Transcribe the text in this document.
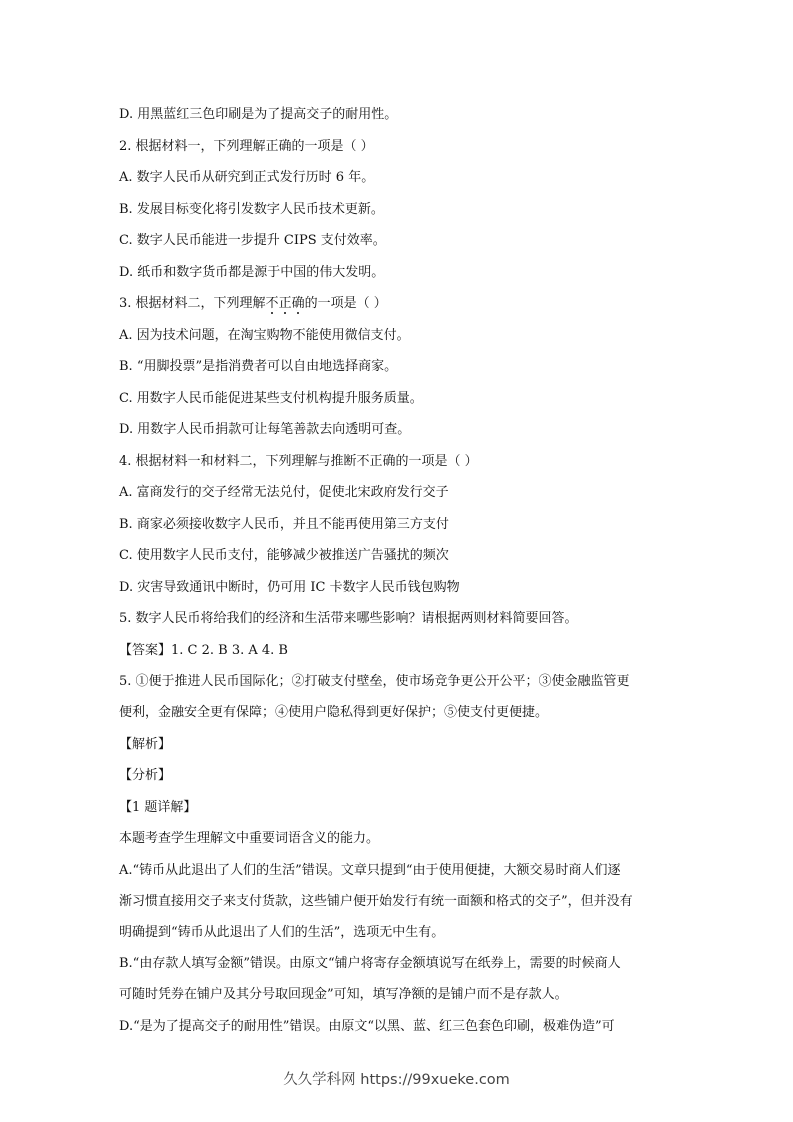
D. 用黑蓝红三色印刷是为了提高交子的耐用性。
2. 根据材料一，下列理解正确的一项是（ ）
A. 数字人民币从研究到正式发行历时 6 年。
B. 发展目标变化将引发数字人民币技术更新。
C. 数字人民币能进一步提升 CIPS 支付效率。
D. 纸币和数字货币都是源于中国的伟大发明。
3. 根据材料二，下列理解不正确的一项是（ ）
A. 因为技术问题，在淘宝购物不能使用微信支付。
B. “用脚投票”是指消费者可以自由地选择商家。
C. 用数字人民币能促进某些支付机构提升服务质量。
D. 用数字人民币捐款可让每笔善款去向透明可查。
4. 根据材料一和材料二，下列理解与推断不正确的一项是（ ）
A. 富商发行的交子经常无法兑付，促使北宋政府发行交子
B. 商家必须接收数字人民币，并且不能再使用第三方支付
C. 使用数字人民币支付，能够减少被推送广告骚扰的频次
D. 灾害导致通讯中断时，仍可用 IC 卡数字人民币钱包购物
5. 数字人民币将给我们的经济和生活带来哪些影响？请根据两则材料简要回答。
【答案】1. C 2. B 3. A 4. B
5. ①便于推进人民币国际化；②打破支付壁垒，使市场竞争更公开公平；③使金融监管更
便利，金融安全更有保障；④使用户隐私得到更好保护；⑤使支付更便捷。
【解析】
【分析】
【1 题详解】
本题考查学生理解文中重要词语含义的能力。
A.“铸币从此退出了人们的生活”错误。文章只提到“由于使用便捷，大额交易时商人们逐
渐习惯直接用交子来支付货款，这些铺户便开始发行有统一面额和格式的交子”，但并没有
明确提到“铸币从此退出了人们的生活”，选项无中生有。
B.“由存款人填写金额”错误。由原文“铺户将寄存金额填说写在纸券上，需要的时候商人
可随时凭券在铺户及其分号取回现金”可知，填写净额的是铺户而不是存款人。
D.“是为了提高交子的耐用性”错误。由原文“以黑、蓝、红三色套色印刷，极难伪造”可
久久学科网 https://99xueke.com
